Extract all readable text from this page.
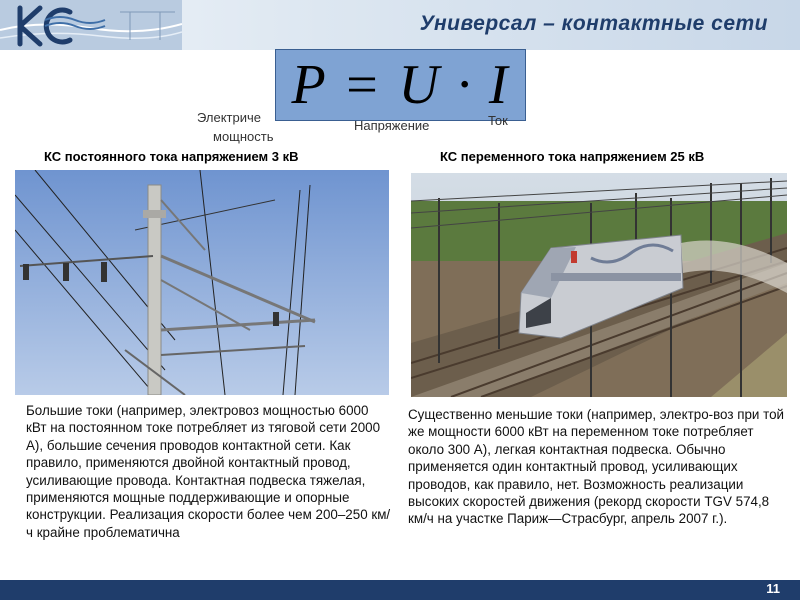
Универсал – контактные сети
P = U · I
Электриче
мощность
Напряжение	Ток
КС постоянного тока напряжением 3 кВ	КС переменного тока напряжением 25 кВ
Большие токи (например, электровоз мощностью 6000 кВт на постоянном токе потребляет из тяговой сети 2000 А), большие сечения проводов контактной сети. Как правило, применяются двойной контактный провод, усиливающие провода. Контактная подвеска тяжелая, применяются мощные поддерживающие и опорные конструкции. Реализация скорости более чем 200–250 км/ч крайне проблематична
Существенно меньшие токи (например, электро-воз при той же мощности 6000 кВт на переменном токе потребляет около 300 А), легкая контактная подвеска. Обычно применяется один контактный провод, усиливающих проводов, как правило, нет. Возможность реализации высоких скоростей движения (рекорд скорости TGV 574,8 км/ч на участке Париж—Страсбург, апрель 2007 г.).
11
